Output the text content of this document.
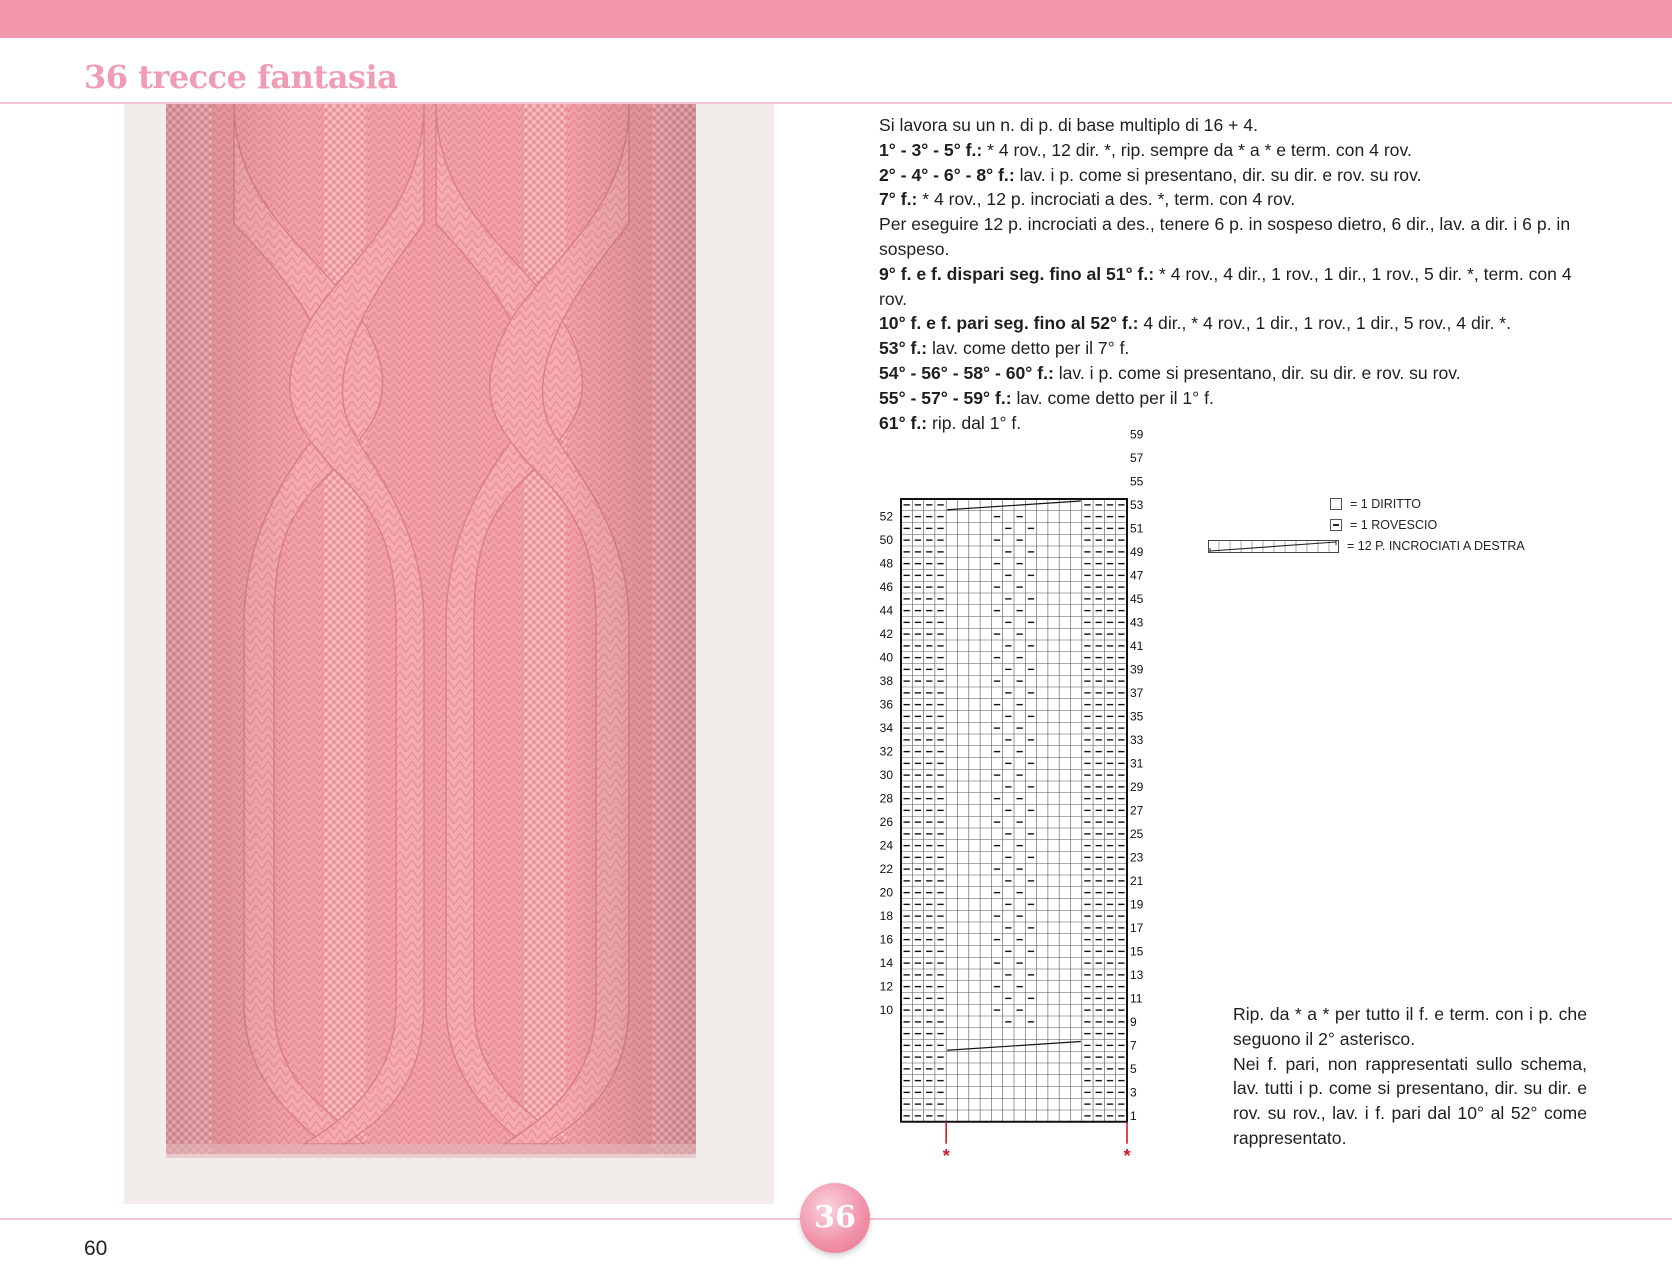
36 trecce fantasia

Si lavora su un n. di p. di base multiplo di 16 + 4.

1° - 3° - 5° f.: * 4 rov., 12 dir. *, rip. sempre da * a * e term. con 4 rov.

2° - 4° - 6° - 8° f.: lav. i p. come si presentano, dir. su dir. e rov. su rov.

7° f.: * 4 rov., 12 p. incrociati a des. *, term. con 4 rov.

Per eseguire 12 p. incrociati a des., tenere 6 p. in sospeso dietro, 6 dir., lav. a dir. i 6 p. in sospeso.

9° f. e f. dispari seg. fino al 51° f.: * 4 rov., 4 dir., 1 rov., 1 dir., 1 rov., 5 dir. *, term. con 4 rov.

10° f. e f. pari seg. fino al 52° f.: 4 dir., * 4 rov., 1 dir., 1 rov., 1 dir., 5 rov., 4 dir. *.

53° f.: lav. come detto per il 7° f.

54° - 56° - 58° - 60° f.: lav. i p. come si presentano, dir. su dir. e rov. su rov.

55° - 57° - 59° f.: lav. come detto per il 1° f.

61° f.: rip. dal 1° f.

59
57
55
53
51
49
47
45
43
41
39
37
35
33
31
29
27
25
23
21
19
17
15
13
11
9
7
5
3
1
52
50
48
46
44
42
40
38
36
34
32
30
28
26
24
22
20
18
16
14
12
10
*	*
= 1 DIRITTO
= 1 ROVESCIO
= 12 P. INCROCIATI A DESTRA

Rip. da * a * per tutto il f. e term. con i p. che seguono il 2° asterisco.

Nei f. pari, non rappresentati sullo schema, lav. tutti i p. come si presentano, dir. su dir. e rov. su rov., lav. i f. pari dal 10° al 52° come rappresentato.

36
60
